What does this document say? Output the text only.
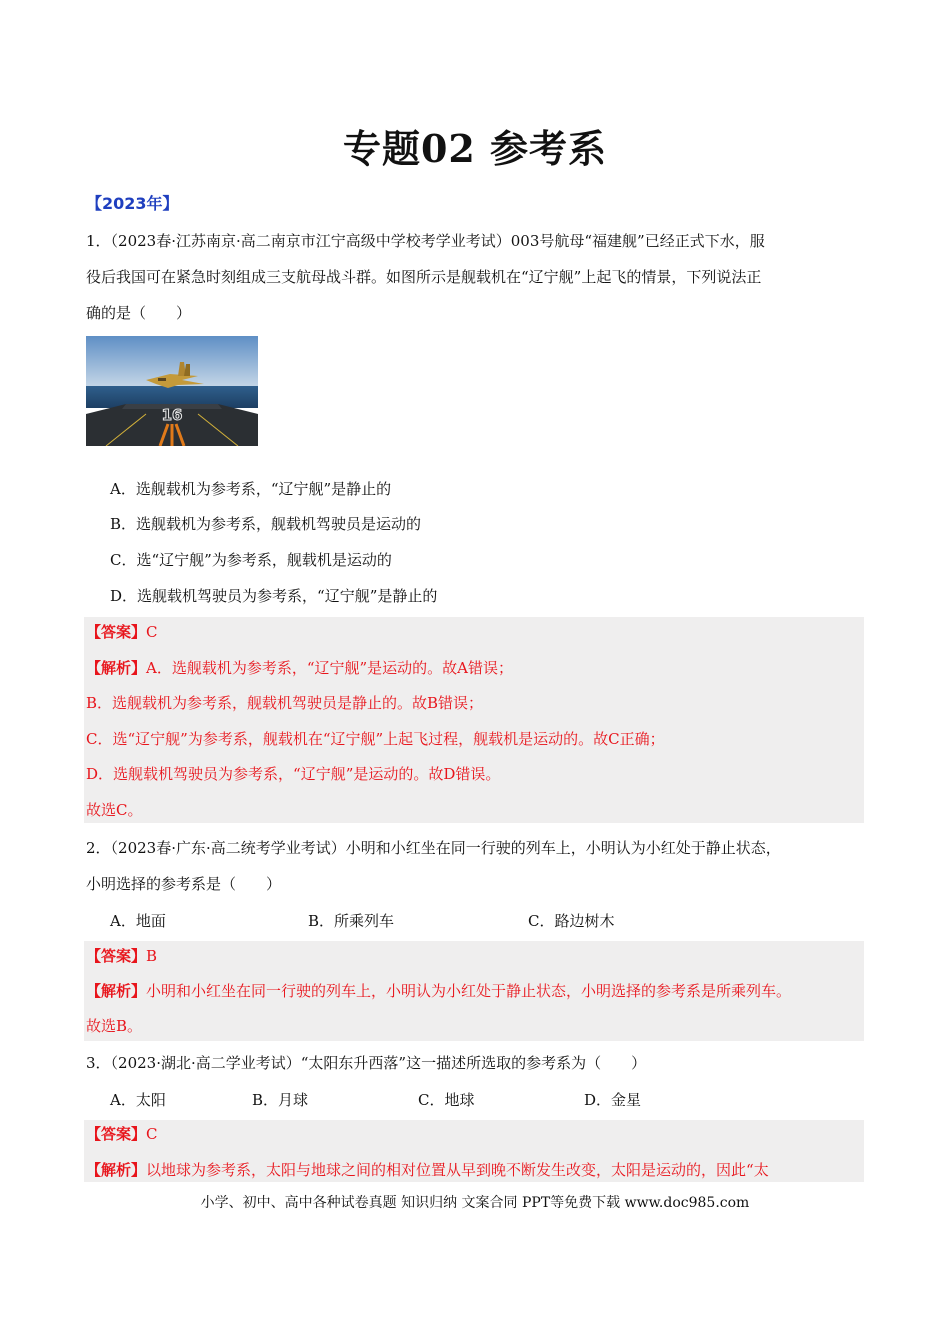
专题02 参考系
【2023年】
1．（2023春·江苏南京·高二南京市江宁高级中学校考学业考试）003号航母“福建舰”已经正式下水，服
役后我国可在紧急时刻组成三支航母战斗群。如图所示是舰载机在“辽宁舰”上起飞的情景，下列说法正
确的是（　　）
16
A．选舰载机为参考系，“辽宁舰”是静止的
B．选舰载机为参考系，舰载机驾驶员是运动的
C．选“辽宁舰”为参考系，舰载机是运动的
D．选舰载机驾驶员为参考系，“辽宁舰”是静止的
【答案】C
【解析】A．选舰载机为参考系，“辽宁舰”是运动的。故A错误；
B．选舰载机为参考系，舰载机驾驶员是静止的。故B错误；
C．选“辽宁舰”为参考系，舰载机在“辽宁舰”上起飞过程，舰载机是运动的。故C正确；
D．选舰载机驾驶员为参考系，“辽宁舰”是运动的。故D错误。
故选C。
2．（2023春·广东·高二统考学业考试）小明和小红坐在同一行驶的列车上，小明认为小红处于静止状态，
小明选择的参考系是（　　）
A．地面	B．所乘列车	C．路边树木
【答案】B
【解析】小明和小红坐在同一行驶的列车上，小明认为小红处于静止状态，小明选择的参考系是所乘列车。
故选B。
3．（2023·湖北·高二学业考试）“太阳东升西落”这一描述所选取的参考系为（　　）
A．太阳	B．月球	C．地球	D．金星
【答案】C
【解析】以地球为参考系，太阳与地球之间的相对位置从早到晚不断发生改变，太阳是运动的，因此“太
小学、初中、高中各种试卷真题 知识归纳 文案合同 PPT等免费下载 www.doc985.com
